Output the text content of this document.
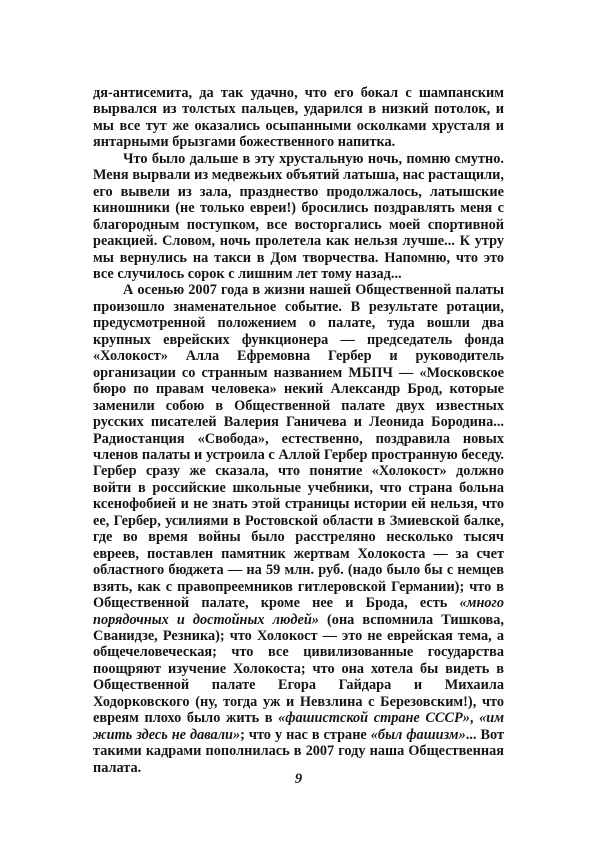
дя-антисемита, да так удачно, что его бокал с шампанским вырвался из толстых пальцев, ударился в низкий потолок, и мы все тут же оказались осыпанными осколками хрусталя и янтарными брызгами божественного напитка.

Что было дальше в эту хрустальную ночь, помню смутно. Меня вырвали из медвежьих объятий латыша, нас растащили, его вывели из зала, празднество продолжалось, латышские киношники (не только евреи!) бросились поздравлять меня с благородным поступком, все восторгались моей спортивной реакцией. Словом, ночь пролетела как нельзя лучше... К утру мы вернулись на такси в Дом творчества. Напомню, что это все случилось сорок с лишним лет тому назад...

А осенью 2007 года в жизни нашей Общественной палаты произошло знаменательное событие. В результате ротации, предусмотренной положением о палате, туда вошли два крупных еврейских функционера — председатель фонда «Холокост» Алла Ефремовна Гербер и руководитель организации со странным названием МБПЧ — «Московское бюро по правам человека» некий Александр Брод, которые заменили собою в Общественной палате двух известных русских писателей Валерия Ганичева и Леонида Бородина... Радиостанция «Свобода», естественно, поздравила новых членов палаты и устроила с Аллой Гербер пространную беседу. Гербер сразу же сказала, что понятие «Холокост» должно войти в российские школьные учебники, что страна больна ксенофобией и не знать этой страницы истории ей нельзя, что ее, Гербер, усилиями в Ростовской области в Змиевской балке, где во время войны было расстреляно несколько тысяч евреев, поставлен памятник жертвам Холокоста — за счет областного бюджета — на 59 млн. руб. (надо было бы с немцев взять, как с правопреемников гитлеровской Германии); что в Общественной палате, кроме нее и Брода, есть «много порядочных и достойных людей» (она вспомнила Тишкова, Сванидзе, Резника); что Холокост — это не еврейская тема, а общечеловеческая; что все цивилизованные государства поощряют изучение Холокоста; что она хотела бы видеть в Общественной палате Егора Гайдара и Михаила Ходорковского (ну, тогда уж и Невзлина с Березовским!), что евреям плохо было жить в «фашистской стране СССР», «им жить здесь не давали»; что у нас в стране «был фашизм»... Вот такими кадрами пополнилась в 2007 году наша Общественная палата.

9
